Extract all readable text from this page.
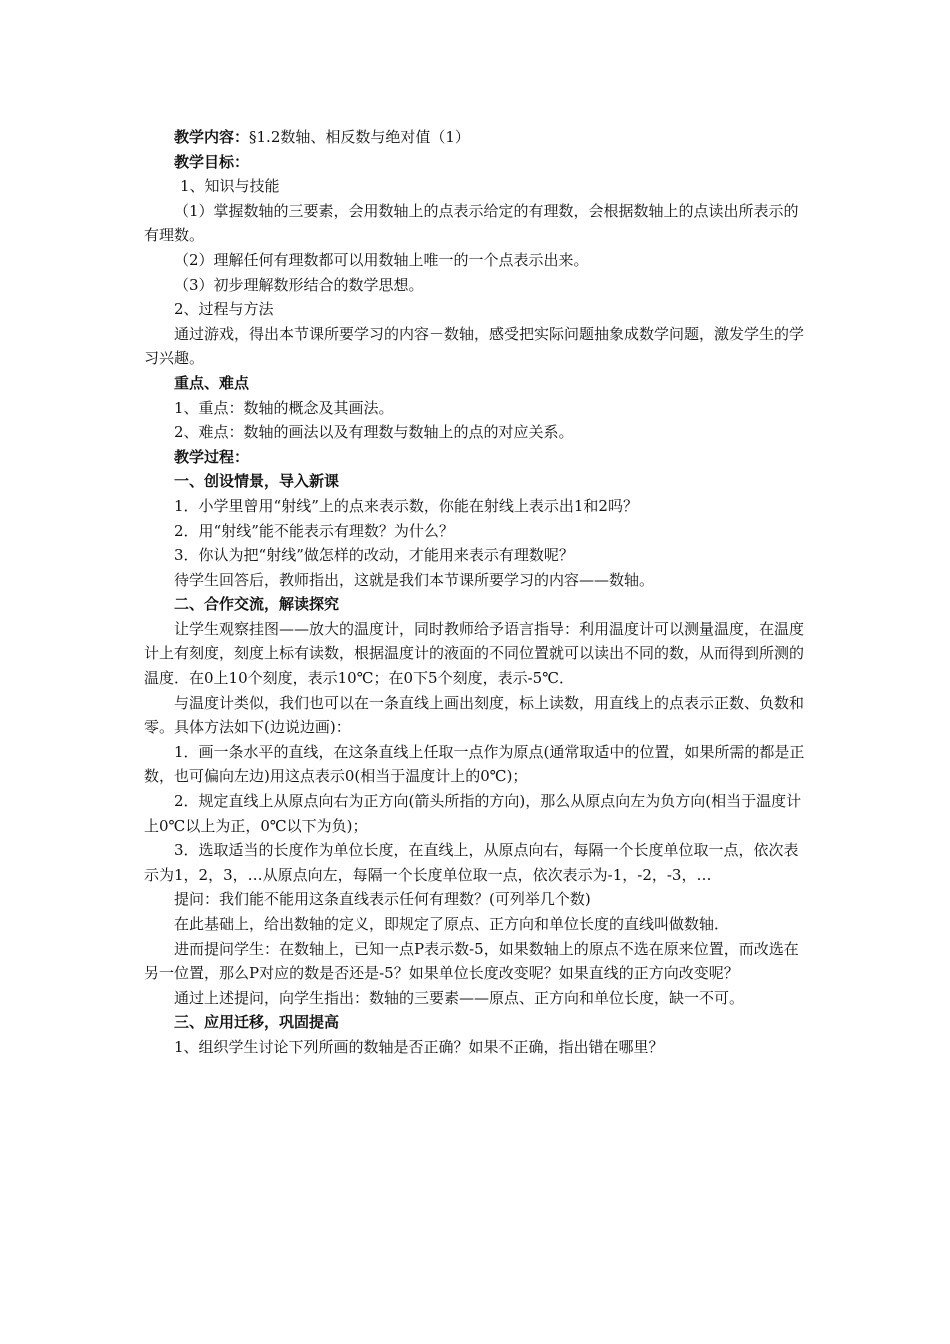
教学内容：§1.2数轴、相反数与绝对值（1）
教学目标：
1、知识与技能
（1）掌握数轴的三要素，会用数轴上的点表示给定的有理数，会根据数轴上的点读出所表示的有理数。
（2）理解任何有理数都可以用数轴上唯一的一个点表示出来。
（3）初步理解数形结合的数学思想。
2、过程与方法
通过游戏，得出本节课所要学习的内容－数轴，感受把实际问题抽象成数学问题，激发学生的学习兴趣。
重点、难点
1、重点：数轴的概念及其画法。
2、难点：数轴的画法以及有理数与数轴上的点的对应关系。
教学过程：
一、创设情景，导入新课
1．小学里曾用“射线”上的点来表示数，你能在射线上表示出1和2吗？
2．用“射线”能不能表示有理数？为什么？
3．你认为把“射线”做怎样的改动，才能用来表示有理数呢？
待学生回答后，教师指出，这就是我们本节课所要学习的内容——数轴。
二、合作交流，解读探究
让学生观察挂图——放大的温度计，同时教师给予语言指导：利用温度计可以测量温度，在温度计上有刻度，刻度上标有读数，根据温度计的液面的不同位置就可以读出不同的数，从而得到所测的温度．在0上10个刻度，表示10℃；在0下5个刻度，表示-5℃．
与温度计类似，我们也可以在一条直线上画出刻度，标上读数，用直线上的点表示正数、负数和零。具体方法如下(边说边画)：
1．画一条水平的直线，在这条直线上任取一点作为原点(通常取适中的位置，如果所需的都是正数，也可偏向左边)用这点表示0(相当于温度计上的0℃)；
2．规定直线上从原点向右为正方向(箭头所指的方向)，那么从原点向左为负方向(相当于温度计上0℃以上为正，0℃以下为负)；
3．选取适当的长度作为单位长度，在直线上，从原点向右，每隔一个长度单位取一点，依次表示为1，2，3，…从原点向左，每隔一个长度单位取一点，依次表示为-1，-2，-3，…
提问：我们能不能用这条直线表示任何有理数？(可列举几个数)
在此基础上，给出数轴的定义，即规定了原点、正方向和单位长度的直线叫做数轴．
进而提问学生：在数轴上，已知一点P表示数-5，如果数轴上的原点不选在原来位置，而改选在另一位置，那么P对应的数是否还是-5？如果单位长度改变呢？如果直线的正方向改变呢？
通过上述提问，向学生指出：数轴的三要素——原点、正方向和单位长度，缺一不可。
三、应用迁移，巩固提高
1、组织学生讨论下列所画的数轴是否正确？如果不正确，指出错在哪里？
